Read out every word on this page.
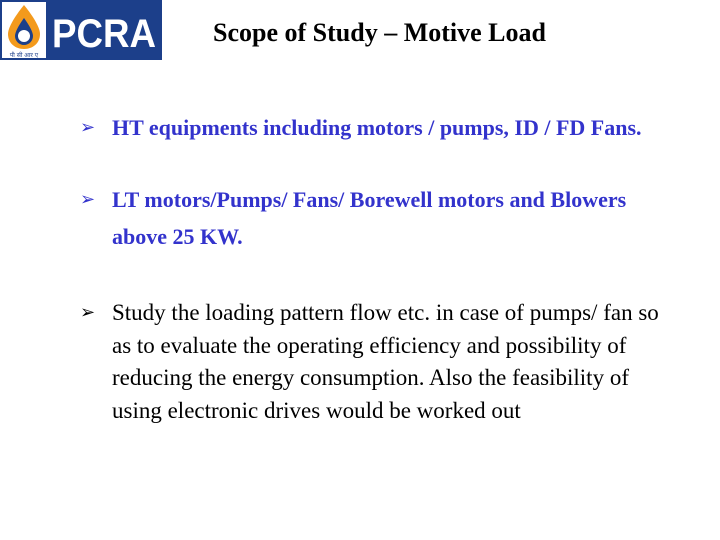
पी सी आर ए PCRA Scope of Study – Motive Load
➢ HT equipments including motors / pumps, ID / FD Fans.
➢ LT motors/Pumps/ Fans/ Borewell motors and Blowers above 25 KW.
➢ Study the loading pattern flow etc. in case of pumps/ fan so as to evaluate the operating efficiency and possibility of reducing the energy consumption. Also the feasibility of using electronic drives would be worked out
